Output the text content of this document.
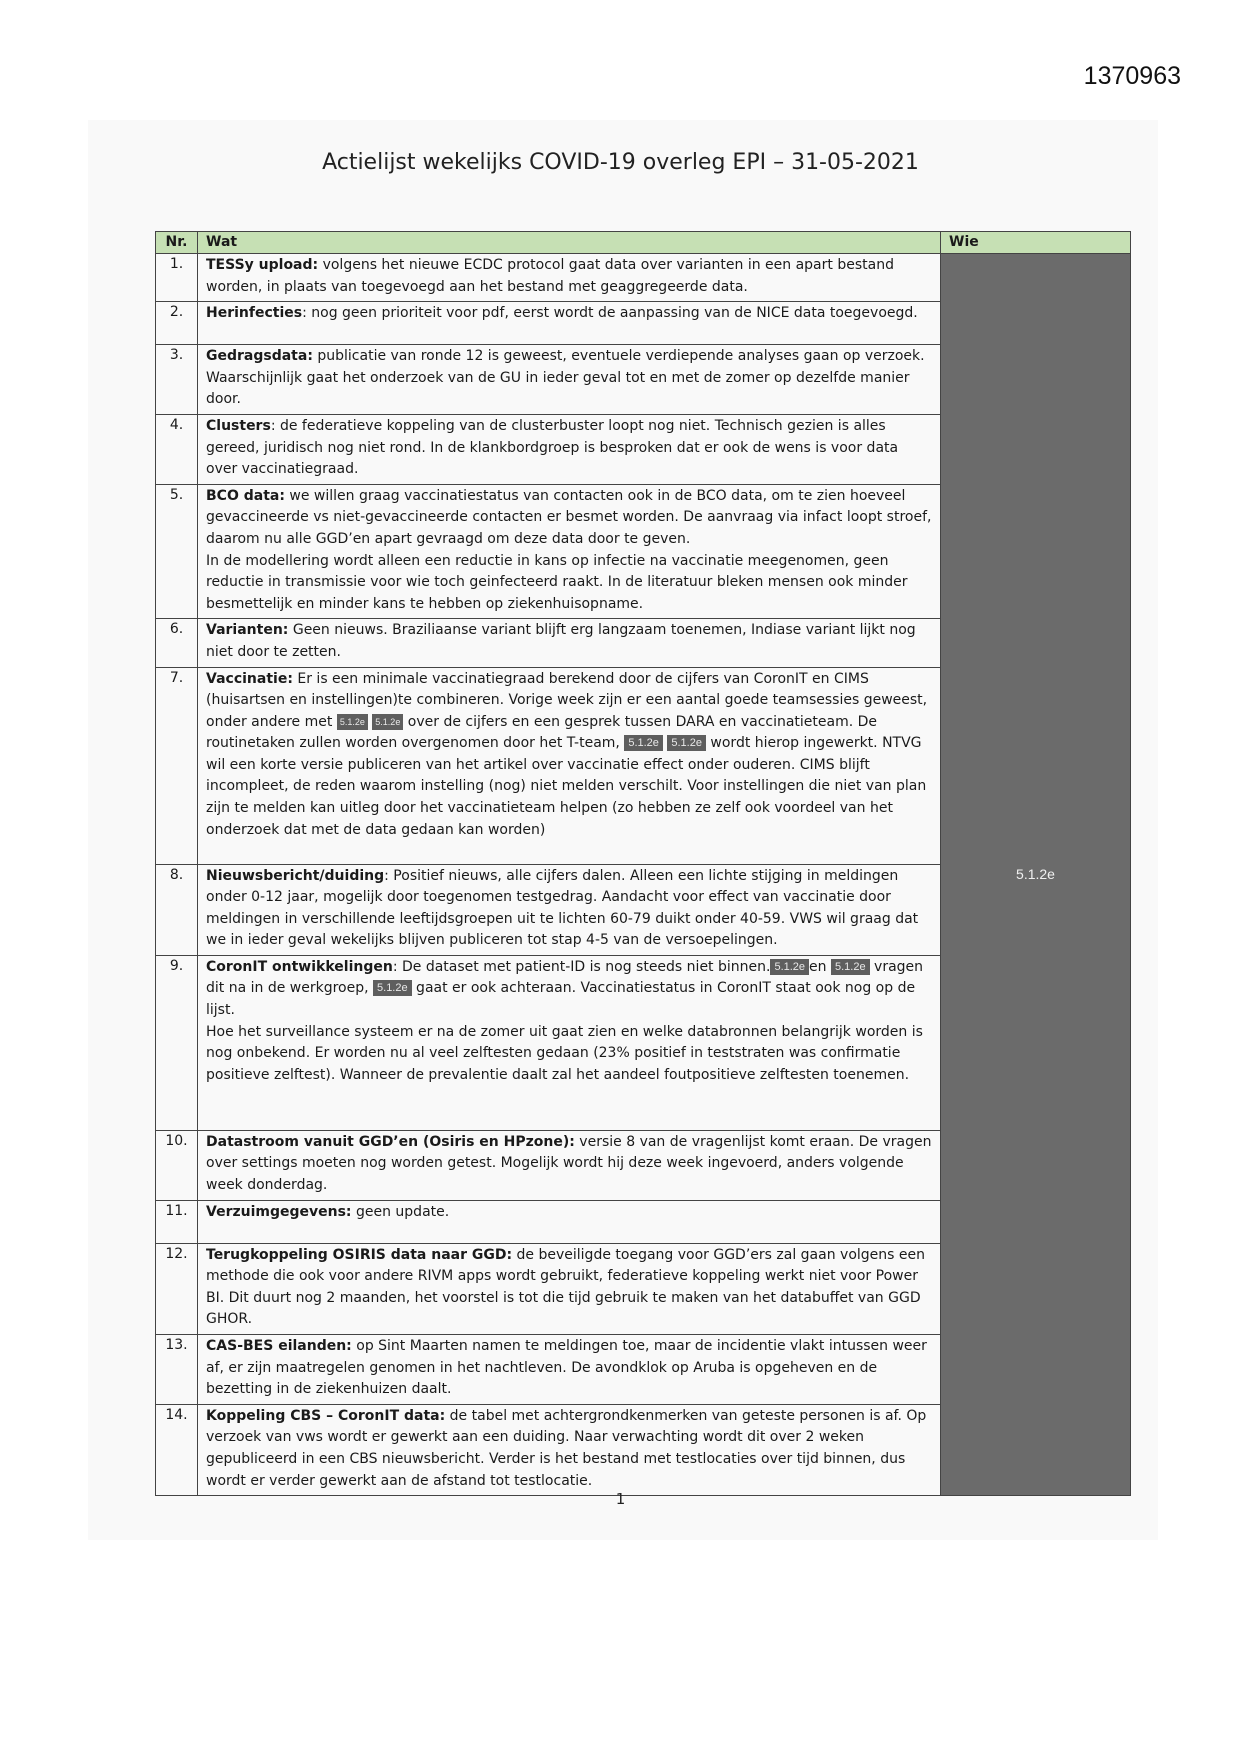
1370963
Actielijst wekelijks COVID-19 overleg EPI – 31-05-2021
Nr.	Wat	Wie
1.	TESSy upload: volgens het nieuwe ECDC protocol gaat data over varianten in een apart bestand worden, in plaats van toegevoegd aan het bestand met geaggregeerde data.	5.1.2e
2.	Herinfecties: nog geen prioriteit voor pdf, eerst wordt de aanpassing van de NICE data toegevoegd.	
3.	Gedragsdata: publicatie van ronde 12 is geweest, eventuele verdiepende analyses gaan op verzoek. Waarschijnlijk gaat het onderzoek van de GU in ieder geval tot en met de zomer op dezelfde manier door.	
4.	Clusters: de federatieve koppeling van de clusterbuster loopt nog niet. Technisch gezien is alles gereed, juridisch nog niet rond. In de klankbordgroep is besproken dat er ook de wens is voor data over vaccinatiegraad.	
5.	BCO data: we willen graag vaccinatiestatus van contacten ook in de BCO data, om te zien hoeveel gevaccineerde vs niet-gevaccineerde contacten er besmet worden. De aanvraag via infact loopt stroef, daarom nu alle GGD’en apart gevraagd om deze data door te geven.
In de modellering wordt alleen een reductie in kans op infectie na vaccinatie meegenomen, geen reductie in transmissie voor wie toch geinfecteerd raakt. In de literatuur bleken mensen ook minder besmettelijk en minder kans te hebben op ziekenhuisopname.	
6.	Varianten: Geen nieuws. Braziliaanse variant blijft erg langzaam toenemen, Indiase variant lijkt nog niet door te zetten.	
7.	Vaccinatie: Er is een minimale vaccinatiegraad berekend door de cijfers van CoronIT en CIMS (huisartsen en instellingen)te combineren. Vorige week zijn er een aantal goede teamsessies geweest, onder andere met 5.1.2e 5.1.2e over de cijfers en een gesprek tussen DARA en vaccinatieteam. De routinetaken zullen worden overgenomen door het T-team, 5.1.2e 5.1.2e wordt hierop ingewerkt. NTVG wil een korte versie publiceren van het artikel over vaccinatie effect onder ouderen. CIMS blijft incompleet, de reden waarom instelling (nog) niet melden verschilt. Voor instellingen die niet van plan zijn te melden kan uitleg door het vaccinatieteam helpen (zo hebben ze zelf ook voordeel van het onderzoek dat met de data gedaan kan worden)	
8.	Nieuwsbericht/duiding: Positief nieuws, alle cijfers dalen. Alleen een lichte stijging in meldingen onder 0-12 jaar, mogelijk door toegenomen testgedrag. Aandacht voor effect van vaccinatie door meldingen in verschillende leeftijdsgroepen uit te lichten 60-79 duikt onder 40-59. VWS wil graag dat we in ieder geval wekelijks blijven publiceren tot stap 4-5 van de versoepelingen.	
9.	CoronIT ontwikkelingen: De dataset met patient-ID is nog steeds niet binnen. 5.1.2e en 5.1.2e vragen dit na in de werkgroep, 5.1.2e gaat er ook achteraan. Vaccinatiestatus in CoronIT staat ook nog op de lijst.
Hoe het surveillance systeem er na de zomer uit gaat zien en welke databronnen belangrijk worden is nog onbekend. Er worden nu al veel zelftesten gedaan (23% positief in teststraten was confirmatie positieve zelftest). Wanneer de prevalentie daalt zal het aandeel foutpositieve zelftesten toenemen.	
10.	Datastroom vanuit GGD’en (Osiris en HPzone): versie 8 van de vragenlijst komt eraan. De vragen over settings moeten nog worden getest. Mogelijk wordt hij deze week ingevoerd, anders volgende week donderdag.	
11.	Verzuimgegevens: geen update.	
12.	Terugkoppeling OSIRIS data naar GGD: de beveiligde toegang voor GGD’ers zal gaan volgens een methode die ook voor andere RIVM apps wordt gebruikt, federatieve koppeling werkt niet voor Power BI. Dit duurt nog 2 maanden, het voorstel is tot die tijd gebruik te maken van het databuffet van GGD GHOR.	
13.	CAS-BES eilanden: op Sint Maarten namen te meldingen toe, maar de incidentie vlakt intussen weer af, er zijn maatregelen genomen in het nachtleven. De avondklok op Aruba is opgeheven en de bezetting in de ziekenhuizen daalt.	
14.	Koppeling CBS – CoronIT data: de tabel met achtergrondkenmerken van geteste personen is af. Op verzoek van vws wordt er gewerkt aan een duiding. Naar verwachting wordt dit over 2 weken gepubliceerd in een CBS nieuwsbericht. Verder is het bestand met testlocaties over tijd binnen, dus wordt er verder gewerkt aan de afstand tot testlocatie.	
1
